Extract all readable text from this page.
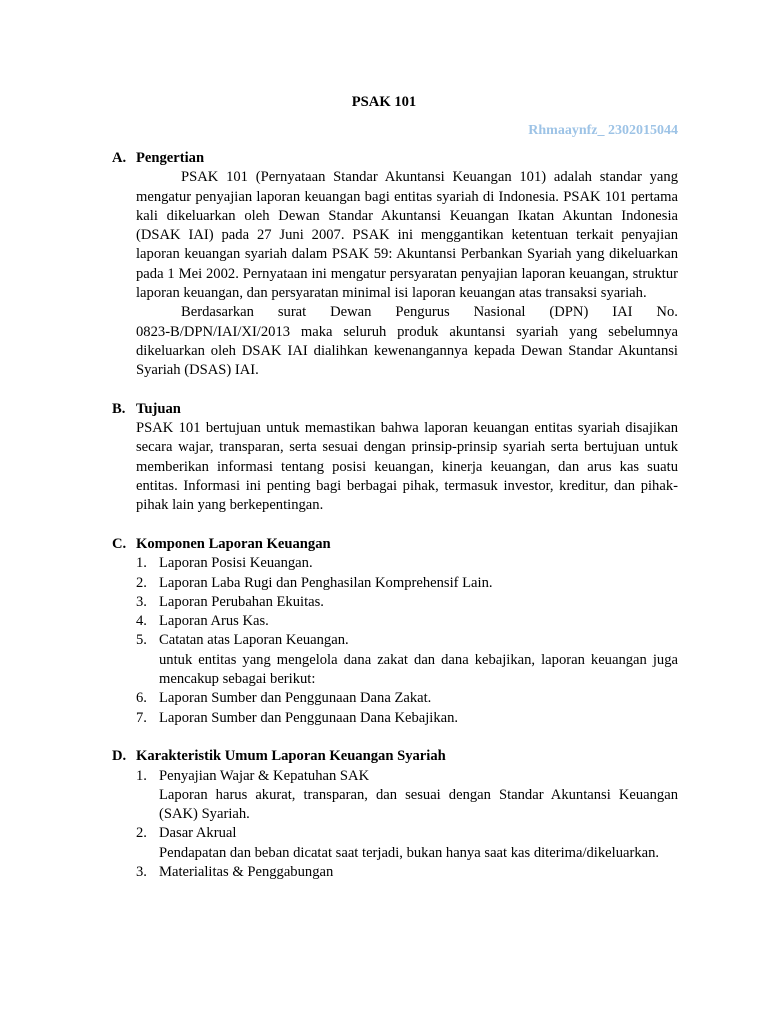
PSAK 101
Rhmaaynfz_ 2302015044
A. Pengertian

PSAK 101 (Pernyataan Standar Akuntansi Keuangan 101) adalah standar yang mengatur penyajian laporan keuangan bagi entitas syariah di Indonesia. PSAK 101 pertama kali dikeluarkan oleh Dewan Standar Akuntansi Keuangan Ikatan Akuntan Indonesia (DSAK IAI) pada 27 Juni 2007. PSAK ini menggantikan ketentuan terkait penyajian laporan keuangan syariah dalam PSAK 59: Akuntansi Perbankan Syariah yang dikeluarkan pada 1 Mei 2002. Pernyataan ini mengatur persyaratan penyajian laporan keuangan, struktur laporan keuangan, dan persyaratan minimal isi laporan keuangan atas transaksi syariah.

Berdasarkan surat Dewan Pengurus Nasional (DPN) IAI No.

0823-B/DPN/IAI/XI/2013 maka seluruh produk akuntansi syariah yang sebelumnya dikeluarkan oleh DSAK IAI dialihkan kewenangannya kepada Dewan Standar Akuntansi Syariah (DSAS) IAI.

B. Tujuan

PSAK 101 bertujuan untuk memastikan bahwa laporan keuangan entitas syariah disajikan secara wajar, transparan, serta sesuai dengan prinsip-prinsip syariah serta bertujuan untuk memberikan informasi tentang posisi keuangan, kinerja keuangan, dan arus kas suatu entitas. Informasi ini penting bagi berbagai pihak, termasuk investor, kreditur, dan pihak-pihak lain yang berkepentingan.

C. Komponen Laporan Keuangan
1. Laporan Posisi Keuangan.
2. Laporan Laba Rugi dan Penghasilan Komprehensif Lain.
3. Laporan Perubahan Ekuitas.
4. Laporan Arus Kas.
5. Catatan atas Laporan Keuangan.

untuk entitas yang mengelola dana zakat dan dana kebajikan, laporan keuangan juga mencakup sebagai berikut:

6. Laporan Sumber dan Penggunaan Dana Zakat.
7. Laporan Sumber dan Penggunaan Dana Kebajikan.
D. Karakteristik Umum Laporan Keuangan Syariah
1. Penyajian Wajar & Kepatuhan SAK

Laporan harus akurat, transparan, dan sesuai dengan Standar Akuntansi Keuangan (SAK) Syariah.

2. Dasar Akrual

Pendapatan dan beban dicatat saat terjadi, bukan hanya saat kas diterima/dikeluarkan.

3. Materialitas & Penggabungan
